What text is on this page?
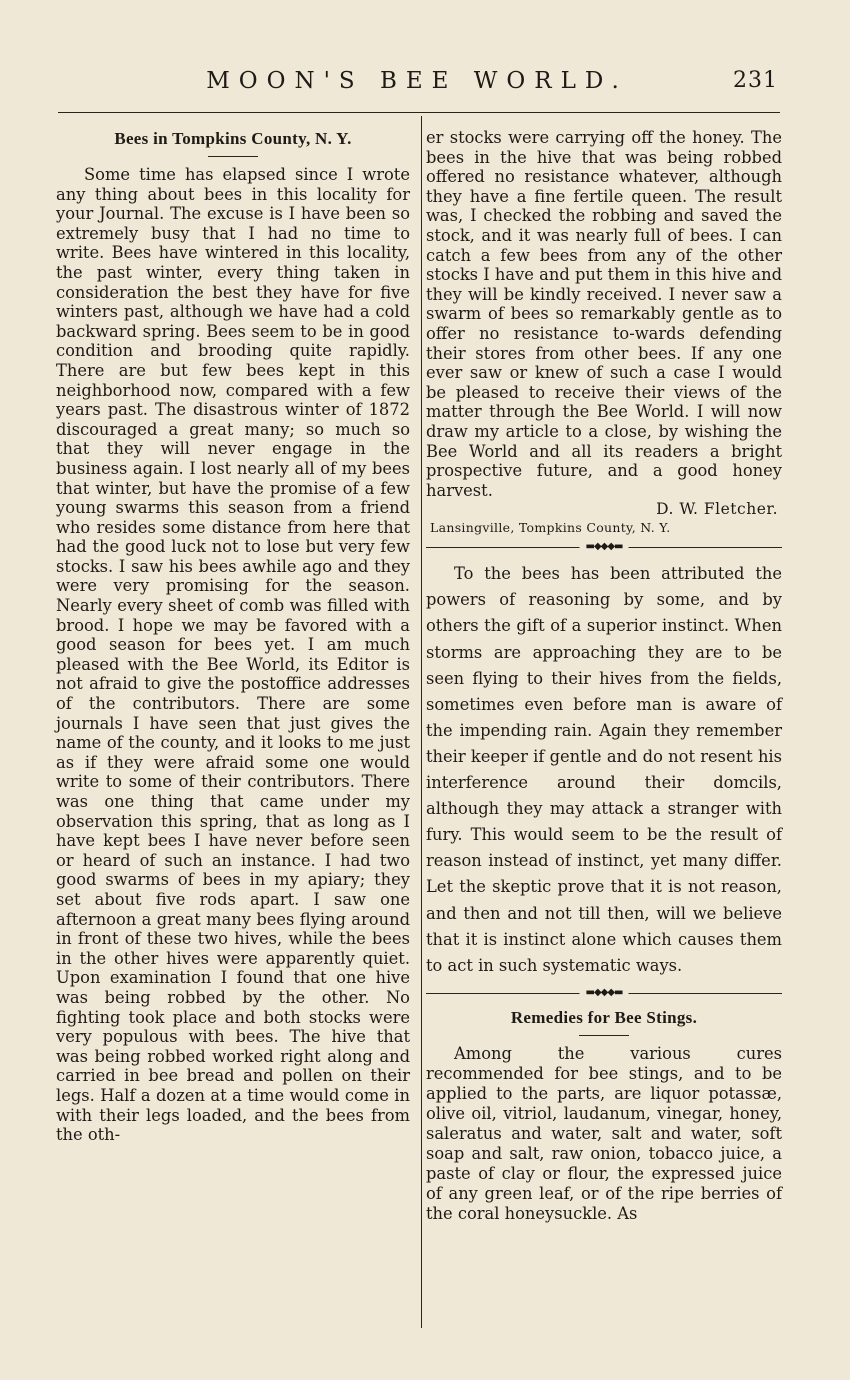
MOON'S BEE WORLD.	231
Bees in Tompkins County, N. Y.

Some time has elapsed since I wrote any thing about bees in this locality for your Journal. The excuse is I have been so extremely busy that I had no time to write. Bees have wintered in this locality, the past winter, every thing taken in consideration the best they have for five winters past, although we have had a cold backward spring. Bees seem to be in good condition and brooding quite rapidly. There are but few bees kept in this neighborhood now, compared with a few years past. The disastrous winter of 1872 discouraged a great many; so much so that they will never engage in the business again. I lost nearly all of my bees that winter, but have the promise of a few young swarms this season from a friend who resides some distance from here that had the good luck not to lose but very few stocks. I saw his bees awhile ago and they were very promising for the season. Nearly every sheet of comb was filled with brood. I hope we may be favored with a good season for bees yet. I am much pleased with the Bee World, its Editor is not afraid to give the postoffice addresses of the contributors. There are some journals I have seen that just gives the name of the county, and it looks to me just as if they were afraid some one would write to some of their contributors. There was one thing that came under my observation this spring, that as long as I have kept bees I have never before seen or heard of such an instance. I had two good swarms of bees in my apiary; they set about five rods apart. I saw one afternoon a great many bees flying around in front of these two hives, while the bees in the other hives were apparently quiet. Upon examination I found that one hive was being robbed by the other. No fighting took place and both stocks were very populous with bees. The hive that was being robbed worked right along and carried in bee bread and pollen on their legs. Half a dozen at a time would come in with their legs loaded, and the bees from the oth-

er stocks were carrying off the honey. The bees in the hive that was being robbed offered no resistance whatever, although they have a fine fertile queen. The result was, I checked the robbing and saved the stock, and it was nearly full of bees. I can catch a few bees from any of the other stocks I have and put them in this hive and they will be kindly received. I never saw a swarm of bees so remarkably gentle as to offer no resistance to-wards defending their stores from other bees. If any one ever saw or knew of such a case I would be pleased to receive their views of the matter through the Bee World. I will now draw my article to a close, by wishing the Bee World and all its readers a bright prospective future, and a good honey harvest.

D. W. Fletcher.
Lansingville, Tompkins County, N. Y.
▬◆◆◆▬

To the bees has been attributed the powers of reasoning by some, and by others the gift of a superior instinct. When storms are approaching they are to be seen flying to their hives from the fields, sometimes even before man is aware of the impending rain. Again they remember their keeper if gentle and do not resent his interference around their domcils, although they may attack a stranger with fury. This would seem to be the result of reason instead of instinct, yet many differ. Let the skeptic prove that it is not reason, and then and not till then, will we believe that it is instinct alone which causes them to act in such systematic ways.

▬◆◆◆▬
Remedies for Bee Stings.

Among the various cures recommended for bee stings, and to be applied to the parts, are liquor potassæ, olive oil, vitriol, laudanum, vinegar, honey, saleratus and water, salt and water, soft soap and salt, raw onion, tobacco juice, a paste of clay or flour, the expressed juice of any green leaf, or of the ripe berries of the coral honeysuckle. As
